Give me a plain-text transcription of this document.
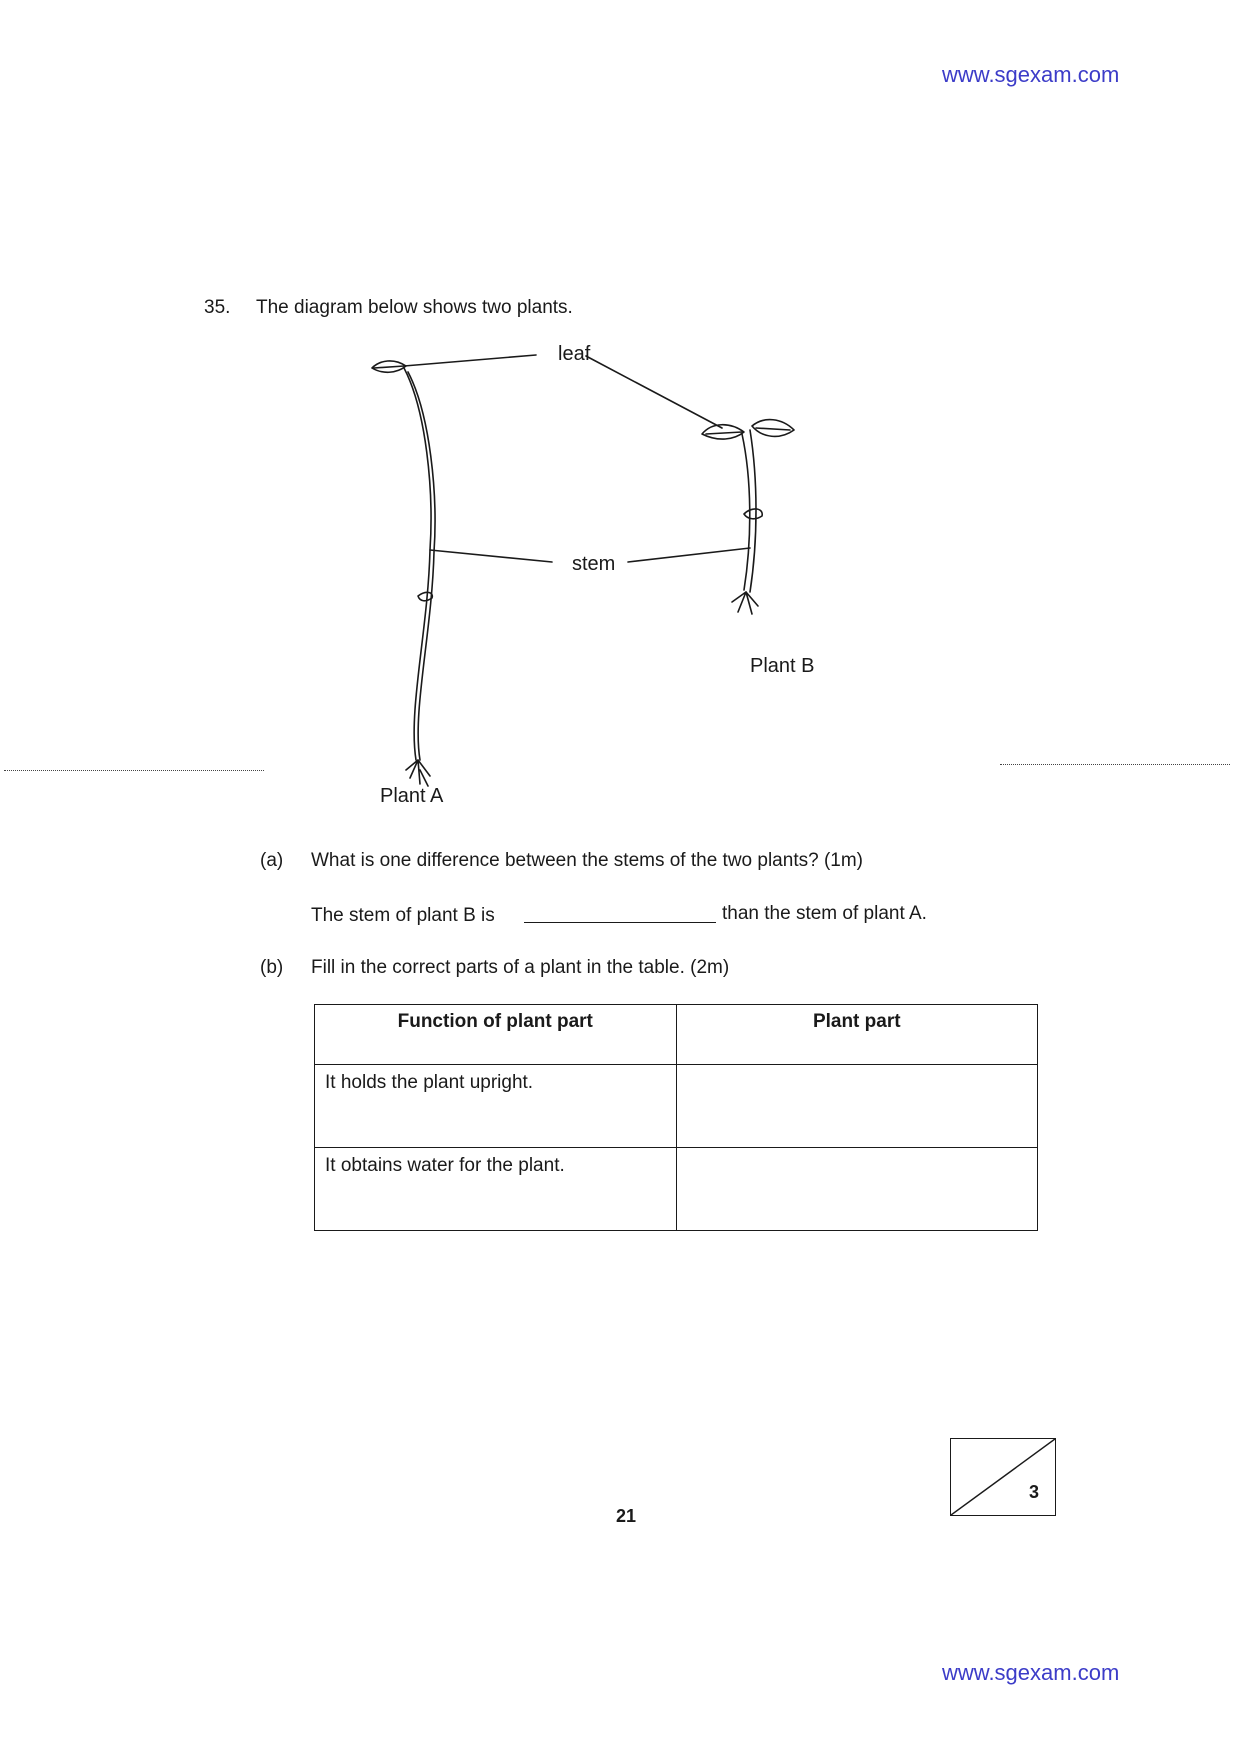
www.sgexam.com
35. The diagram below shows two plants.
leaf
stem
Plant A
Plant B
(a) What is one difference between the stems of the two plants? (1m)
The stem of plant B is	than the stem of plant A.
(b) Fill in the correct parts of a plant in the table. (2m)
Function of plant part	Plant part
It holds the plant upright.	
It obtains water for the plant.	
3
21
www.sgexam.com
